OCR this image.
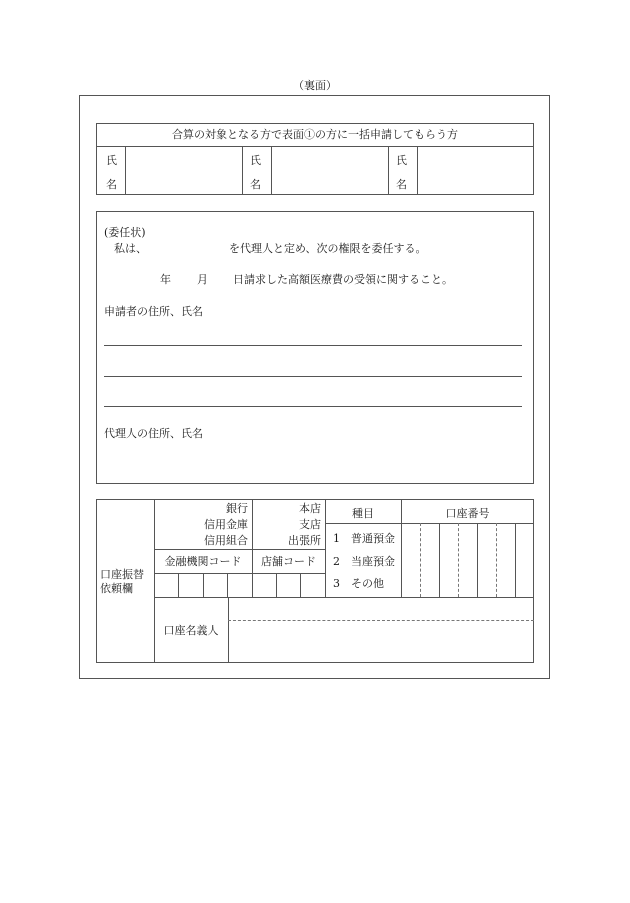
（裏面）
合算の対象となる方で表面①の方に一括申請してもらう方
氏
名
氏
名
氏
名
(委任状)
私は、	を代理人と定め、次の権限を委任する。
年 月 日請求した高額医療費の受領に関すること。
申請者の住所、氏名
代理人の住所、氏名
口座振替
依頼欄
銀行
信用金庫
信用組合
本店
支店
出張所
金融機関コード	店舗コード
種目
1　普通預金
2　当座預金
3　その他
口座番号
口座名義人
